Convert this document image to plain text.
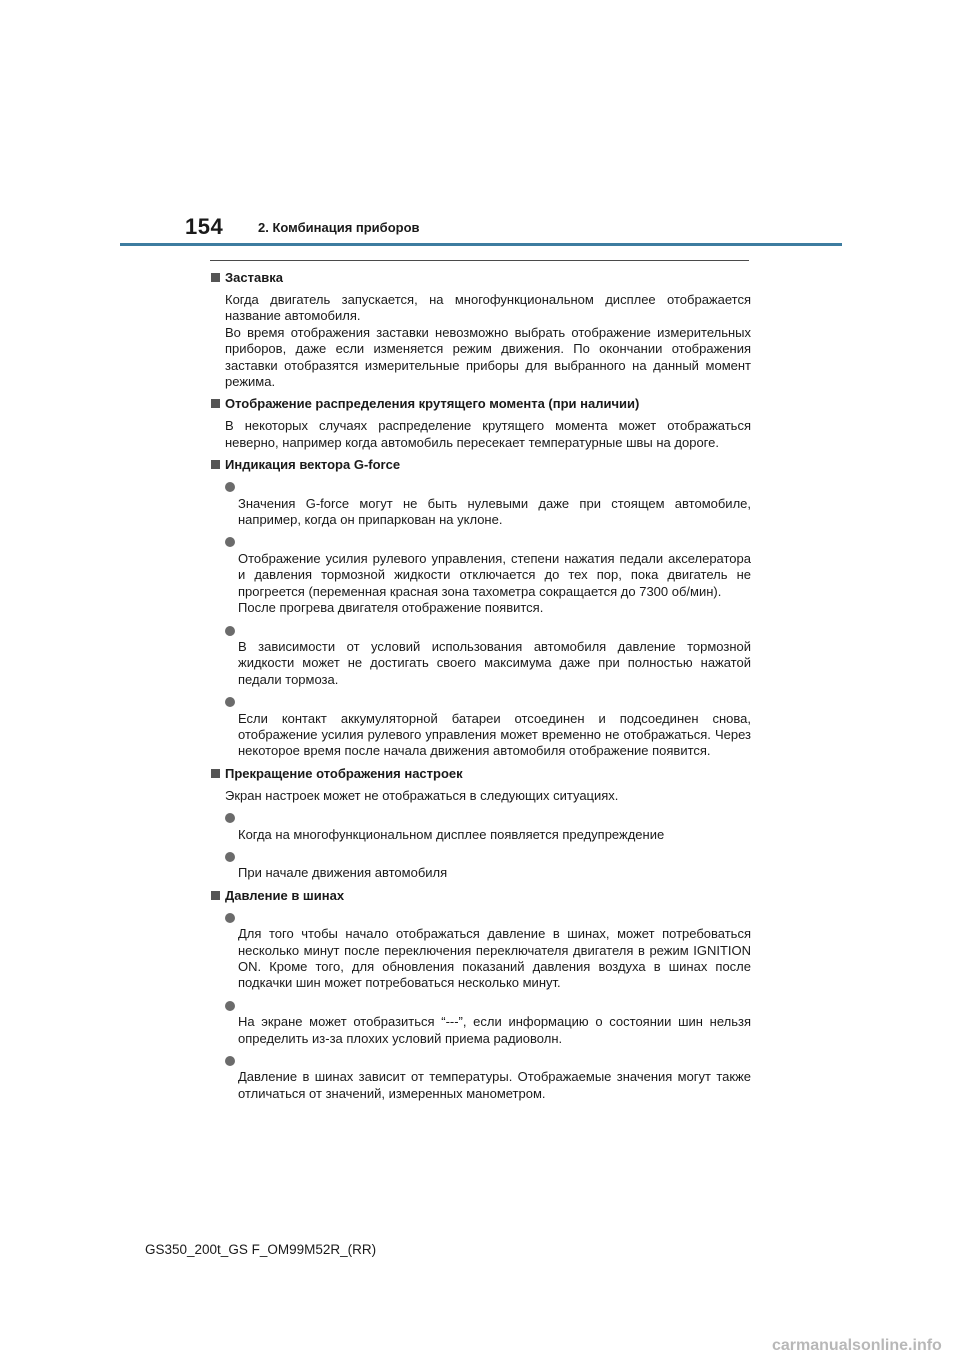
154	2. Комбинация приборов
Заставка

Когда двигатель запускается, на многофункциональном дисплее отображается название автомобиля.
Во время отображения заставки невозможно выбрать отображение измерительных приборов, даже если изменяется режим движения. По окончании отображения заставки отобразятся измерительные приборы для выбранного на данный момент режима.

Отображение распределения крутящего момента (при наличии)

В некоторых случаях распределение крутящего момента может отображаться неверно, например когда автомобиль пересекает температурные швы на дороге.

Индикация вектора G-force

Значения G-force могут не быть нулевыми даже при стоящем автомобиле, например, когда он припаркован на уклоне.

Отображение усилия рулевого управления, степени нажатия педали акселератора и давления тормозной жидкости отключается до тех пор, пока двигатель не прогреется (переменная красная зона тахометра сокращается до 7300 об/мин).
После прогрева двигателя отображение появится.

В зависимости от условий использования автомобиля давление тормозной жидкости может не достигать своего максимума даже при полностью нажатой педали тормоза.

Если контакт аккумуляторной батареи отсоединен и подсоединен снова, отображение усилия рулевого управления может временно не отображаться. Через некоторое время после начала движения автомобиля отображение появится.

Прекращение отображения настроек

Экран настроек может не отображаться в следующих ситуациях.

Когда на многофункциональном дисплее появляется предупреждение

При начале движения автомобиля

Давление в шинах

Для того чтобы начало отображаться давление в шинах, может потребоваться несколько минут после переключения переключателя двигателя в режим IGNITION ON. Кроме того, для обновления показаний давления воздуха в шинах после подкачки шин может потребоваться несколько минут.

На экране может отобразиться “---”, если информацию о состоянии шин нельзя определить из-за плохих условий приема радиоволн.

Давление в шинах зависит от температуры. Отображаемые значения могут также отличаться от значений, измеренных манометром.

GS350_200t_GS F_OM99M52R_(RR)
carmanualsonline.info
